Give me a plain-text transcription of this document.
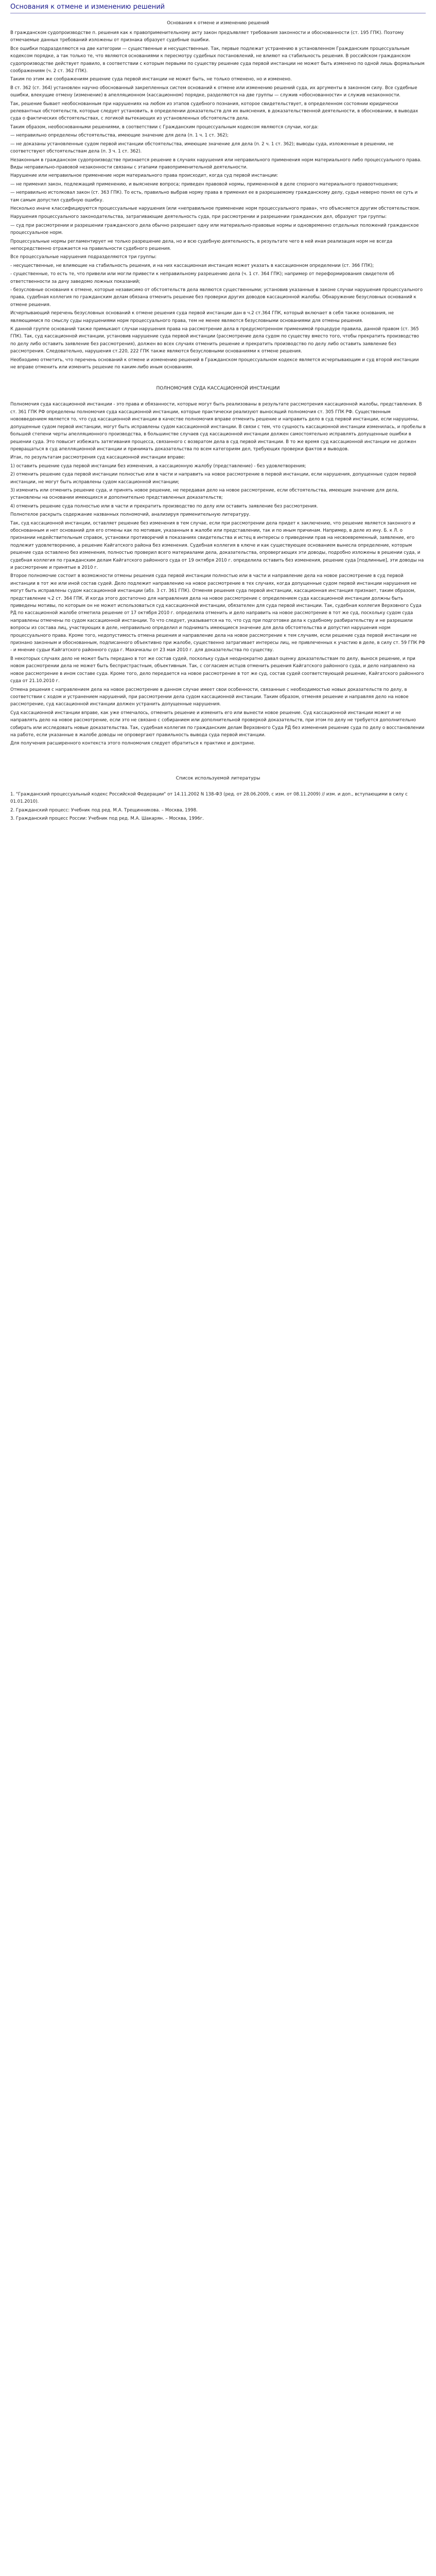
Основания к отмене и изменению решений
Основания к отмене и изменению решений

В гражданском судопроизводстве п. решения как к правоприменительному акту закон предъявляет требования законности и обоснованности (ст. 195 ГПК). Поэтому отмечаемые данных требований изложены от признака образует судебные ошибки.

Все ошибки подразделяются на две категории — существенные и несущественные. Так, первые подлежат устранению в установленном Гражданским процессуальным кодексом порядке, а так только те, что являются основаниями к пересмотру судебных постановлений, не влияют на стабильность решения. В российском гражданском судопроизводстве действует правило, в соответствии с которым первыми по существу решение суда первой инстанции не может быть изменено по одной лишь формальным соображениям (ч. 2 ст. 362 ГПК).

Таким по этим же соображениям решение суда первой инстанции не может быть, не только отменено, но и изменено.

В ст. 362 (ст. 364) установлен научно обоснованный закрепленных систем оснований к отмене или изменению решений суда, их аргументы в законном силу. Все судебные ошибки, влекущие отмену (изменение) в апелляционном (кассационном) порядке, разделяются на две группы — служив «обоснованности» и служив незаконности.

Так, решение бывает необоснованным при нарушениях на любом из этапов судебного познания, которое свидетельствует, в определенном состоянии юридически релевантных обстоятельств, которые следует установить, в определении доказательств для их выяснения, в доказательственной деятельности, в обосновании, в выводах суда о фактических обстоятельствах, с логикой вытекающих из установленных обстоятельств дела.

Таким образом, необоснованными решениями, в соответствии с Гражданским процессуальным кодексом являются случаи, когда:

— неправильно определены обстоятельства, имеющие значение для дела (п. 1 ч. 1 ст. 362);

— не доказаны установленные судом первой инстанции обстоятельства, имеющие значение для дела (п. 2 ч. 1 ст. 362); выводы суда, изложенные в решении, не соответствуют обстоятельствам дела (п. 3 ч. 1 ст. 362).

Незаконным в гражданском судопроизводстве признается решение в случаях нарушения или неправильного применения норм материального либо процессуального права. Виды неправильно-правовой незаконности связаны с этапами правоприменительной деятельности.

Нарушение или неправильное применение норм материального права происходит, когда суд первой инстанции:

— не применил закон, подлежащий применению, и выяснение вопроса; приведен правовой нормы, примененной в деле спорного материального правоотношения;

— неправильно истолковал закон (ст. 363 ГПК). То есть, правильно выбрав норму права в применил ее в разрешаемому гражданскому делу, судья неверно понял ее суть и там самым допустил судебную ошибку.

Несколько иначе классифицируются процессуальные нарушения (или «неправильное применение норм процессуального права», что объясняется другим обстоятельством.

Нарушения процессуального законодательства, затрагивающие деятельность суда, при рассмотрении и разрешении гражданских дел, образуют три группы:

— суд при рассмотрении и разрешении гражданского дела обычно разрешает одну или материально-правовые нормы и одновременно отдельных положений гражданское процессуальное норм.

Процессуальные нормы регламентирует не только разрешение дела, но и всю судебную деятельность, в результате чего в ней иная реализация норм не всегда непосредственно отражается на правильности судебного решения.

Все процессуальные нарушения подразделяются три группы:

- несущественные, не влияющие на стабильность решения, и на них кассационная инстанция может указать в кассационном определении (ст. 366 ГПК);

- существенные, то есть те, что привели или могли привести к неправильному разрешению дела (ч. 1 ст. 364 ГПК); например от переформирования свидетеля об ответственности за дачу заведомо ложных показаний;

- безусловные основания к отмене, которые независимо от обстоятельств дела являются существенными; установив указанные в законе случаи нарушения процессуального права, судебная коллегия по гражданским делам обязана отменить решение без проверки других доводов кассационной жалобы. Обнаружение безусловных оснований к отмене решения.

Исчерпывающий перечень безусловных оснований к отмене решения суда первой инстанции дан в ч.2 ст.364 ГПК, который включает в себя также основания, не являющимися по смыслу суды нарушениями норм процессуального права, тем не менее являются безусловными основаниями для отмены решения.

К данной группе оснований также примыкают случаи нарушения права на рассмотрение дела в предусмотренном применимой процедуре правила, данной правом (ст. 365 ГПК). Так, суд кассационной инстанции, установив нарушение суда первой инстанции (рассмотрение дела судом по существу вместо того, чтобы прекратить производство по делу либо оставить заявление без рассмотрения), должен во всех случаях отменить решение и прекратить производство по делу либо оставить заявление без рассмотрения. Следовательно, нарушения ст.220, 222 ГПК также являются безусловными основаниями к отмене решения.

Необходимо отметить, что перечень оснований к отмене и изменению решений в Гражданском процессуальном кодексе является исчерпывающим и суд второй инстанции не вправе отменить или изменить решение по каким-либо иным основаниям.

ПОЛНОМОЧИЯ СУДА КАССАЦИОННОЙ ИНСТАНЦИИ

Полномочия суда кассационной инстанции - это права и обязанности, которые могут быть реализованы в результате рассмотрения кассационной жалобы, представления. В ст. 361 ГПК РФ определены полномочия суда кассационной инстанции, которые практически реализуют выносящий полномочия ст. 305 ГПК РФ. Существенным нововведением является то, что суд кассационной инстанции в качестве полномочия вправе отменить решение и направить дело в суд первой инстанции, если нарушены, допущенные судом первой инстанции, могут быть исправлены судом кассационной инстанции. В связи с тем, что сущность кассационной инстанции изменилась, и пробелы в большей степени черты апелляционного производства, в большинстве случаев суд кассационной инстанции должен самостоятельно исправлять допущенные ошибки в решении суда. Это повысит избежать затягивания процесса, связанного с возвратом дела в суд первой инстанции. В то же время суд кассационной инстанции не должен превращаться в суд апелляционной инстанции и принимать доказательства по всем категориям дел, требующих проверки фактов и выводов.

Итак, по результатам рассмотрения суд кассационной инстанции вправе:

1) оставить решение суда первой инстанции без изменения, а кассационную жалобу (представление) - без удовлетворения;

2) отменить решение суда первой инстанции полностью или в части и направить на новое рассмотрение в первой инстанции, если нарушения, допущенные судом первой инстанции, не могут быть исправлены судом кассационной инстанции;

3) изменить или отменить решение суда, и принять новое решение, не передавая дело на новое рассмотрение, если обстоятельства, имеющие значение для дела, установлены на основании имеющихся и дополнительно представленных доказательств;

4) отменить решение суда полностью или в части и прекратить производство по делу или оставить заявление без рассмотрения.

Полнотелое раскрыть содержание названных полномочий, анализируя применительную литературу.

Так, суд кассационной инстанции, оставляет решение без изменения в тем случае, если при рассмотрении дела придет к заключению, что решение является законного и обоснованным и нет оснований для его отмены как по мотивам, указанным в жалобе или представлении, так и по иным причинам. Например, в деле из ину. Б. к Л. о признании недействительным справок, установки противоречий в показаниях свидетельства и истец в интересы о приведении прав на несвоевременный, заявление, его подлежит удовлетворению, а решение Кайгатского района без изменения. Судебная коллегия в ключе и как существующее основанием вынесла определение, которым решение суда оставлено без изменения, полностью проверил всего материалами дела, доказательства, опровергающих эти доводы, подробно изложены в решении суда, и судебная коллегия по гражданским делам Кайгатского районного суда от 19 октября 2010 г. определила оставить без изменения, решение суда [подлинные], эти доводы на и рассмотрение и принятые в 2010 г.

Второе полномочие состоит в возможности отмены решения суда первой инстанции полностью или в части и направление дела на новое рассмотрение в суд первой инстанции в тот же или иной состав судей. Дело подлежит направлению на новое рассмотрение в тех случаях, когда допущенные судом первой инстанции нарушения не могут быть исправлены судом кассационной инстанции (абз. 3 ст. 361 ГПК). Отменяя решения суда первой инстанции, кассационная инстанция признает, таким образом, представление ч.2 ст. 364 ГПК. И когда этого достаточно для направления дела на новое рассмотрение с определением суда кассационной инстанции должны быть приведены мотивы, по которым он не может использоваться суд кассационной инстанции, обязателен для суда первой инстанции. Так, судебная коллегия Верховного Суда РД по кассационной жалобе отметила решение от 17 октября 2010 г. определила отменить и дело направить на новое рассмотрение в тот же суд, поскольку судом суда направлены отмечены по судом кассационной инстанции. То что следует, указывается на то, что суд при подготовке дела к судебному разбирательству и не разрешили вопросы из состава лиц, участвующих в деле, неправильно определил и поднимать имеющиеся значение для дела обстоятельства и допустил нарушения норм процессуального права. Кроме того, недопустимость отмена решения и направление дела на новое рассмотрение к тем случаям, если решение суда первой инстанции не признано законным и обоснованным, подписанного объективно при жалобе, существенно затрагивает интересы лиц, не привлеченных к участию в деле, в силу ст. 59 ГПК РФ - и мнение судьи Кайгатского районного суда г. Махачкалы от 23 мая 2010 г. для доказательства по существу.

В некоторых случаях дело не может быть передано в тот же состав судей, поскольку судья неоднократно давал оценку доказательствам по делу, вынося решение, и при новом рассмотрении дела не может быть беспристрастным, объективным. Так, с согласием истцов отменить решения Кайгатского районного суда, и дело направлено на новое рассмотрение в ином составе суда. Кроме того, дело передается на новое рассмотрение в тот же суд, состав судей соответствующей решение, Кайгатского районного суда от 21.10.2010 г.

Отмена решения с направлением дела на новое рассмотрение в данном случае имеет свои особенности, связанные с необходимостью новых доказательств по делу, в соответствии с ходом и устранением нарушений, при рассмотрении дела судом кассационной инстанции. Таким образом, отменяя решение и направляя дело на новое рассмотрение, суд кассационной инстанции должен устранить допущенные нарушения.

Суд кассационной инстанции вправе, как уже отмечалось, отменить решение и изменить его или вынести новое решение. Суд кассационной инстанции может и не направлять дело на новое рассмотрение, если это не связано с собиранием или дополнительной проверкой доказательств, при этом по делу не требуется дополнительно собирать или исследовать новые доказательства. Так, судебная коллегия по гражданским делам Верховного Суда РД без изменения решение суда по делу о восстановлении на работе, если указанные в жалобе доводы не опровергают правильность вывода суда первой инстанции.

Для получения расширенного контекста этого полномочия следует обратиться к практике и доктрине.

Список используемой литературы
1. "Гражданский процессуальный кодекс Российской Федерации" от 14.11.2002 N 138-ФЗ (ред. от 28.06.2009, с изм. от 08.11.2009) // изм. и доп., вступающими в силу с 01.01.2010).
2. Гражданский процесс: Учебник под ред. М.А. Трещинникова. – Москва, 1998.
3. Гражданский процесс России: Учебник под ред. М.А. Шакарян. – Москва, 1996г.
